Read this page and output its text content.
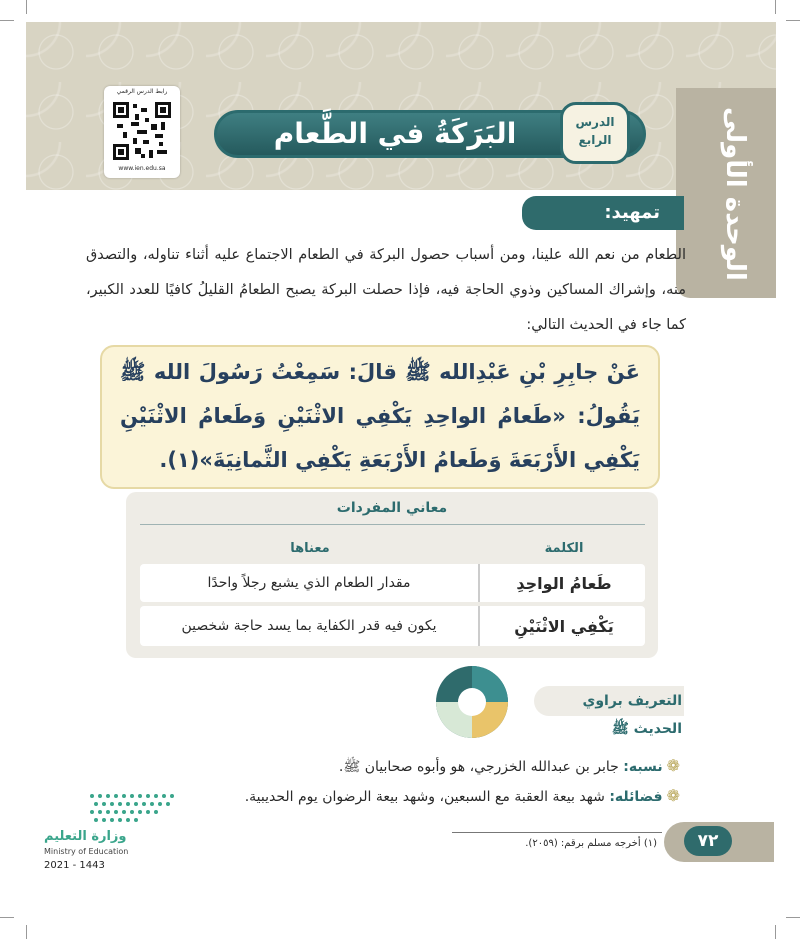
الوحدة الأولى
رابط الدرس الرقمي
www.ien.edu.sa
البَرَكَةُ في الطَّعام	الدرس
الرابع
تمهيد:
الطعام من نعم الله علينا، ومن أسباب حصول البركة في الطعام الاجتماع عليه أثناء تناوله، والتصدق منه، وإشراك المساكين وذوي الحاجة فيه، فإذا حصلت البركة يصبح الطعامُ القليلُ كافيًا للعدد الكبير، كما جاء في الحديث التالي:
عَنْ جابِرِ بْنِ عَبْدِالله ﷺ قالَ: سَمِعْتُ رَسُولَ الله ﷺ يَقُولُ: «طَعامُ الواحِدِ يَكْفِي الاثْنَيْنِ وَطَعامُ الاثْنَيْنِ يَكْفِي الأَرْبَعَةَ وَطَعامُ الأَرْبَعَةِ يَكْفِي الثَّمانِيَةَ»(١).
معاني المفردات
الكلمة
معناها
طَعامُ الواحِدِ
مقدار الطعام الذي يشبع رجلاً واحدًا
يَكْفِي الاثْنَيْنِ
يكون فيه قدر الكفاية بما يسد حاجة شخصين
التعريف براوي الحديث ﷺ
❁نسبه: جابر بن عبدالله الخزرجي، هو وأبوه صحابيان ﷺ.
❁فضائله: شهد بيعة العقبة مع السبعين، وشهد بيعة الرضوان يوم الحديبية.
(١) أخرجه مسلم برقم: (٢٠٥٩).	٧٢
وزارة التعليم
Ministry of Education
2021 - 1443
